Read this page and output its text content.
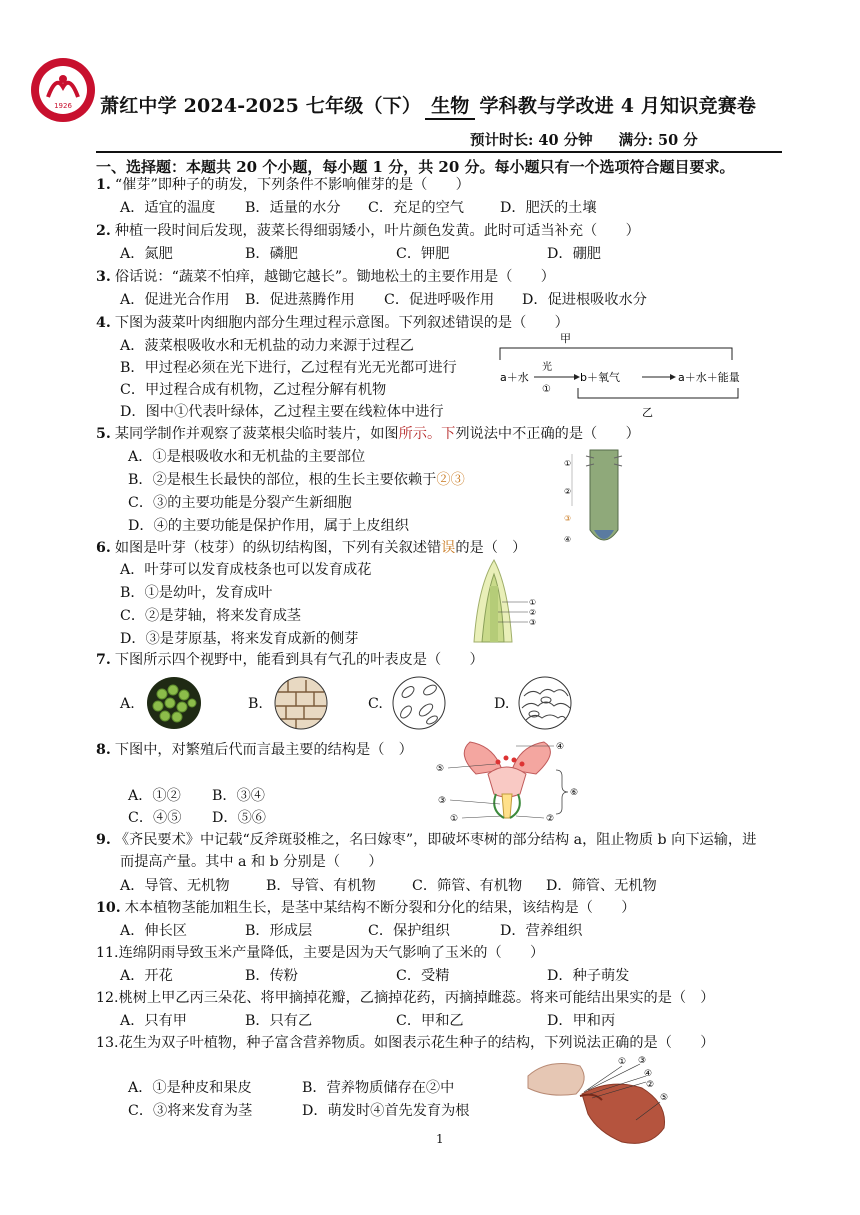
1926 萧红中学 2024-2025 七年级（下） 生物 学科教与学改进 4 月知识竞赛卷
预计时长: 40 分钟 满分: 50 分
一、选择题：本题共 20 个小题，每小题 1 分，共 20 分。每小题只有一个选项符合题目要求。
1. “催芽”即种子的萌发，下列条件不影响催芽的是（　　）
A．适宜的温度 B．适量的水分 C．充足的空气	D．肥沃的土壤
2. 种植一段时间后发现，菠菜长得细弱矮小，叶片颜色发黄。此时可适当补充（　　）
A．氮肥	B．磷肥	C．钾肥	D．硼肥
3. 俗话说：“蔬菜不怕痒，越锄它越长”。锄地松土的主要作用是（　　）
A．促进光合作用 B．促进蒸腾作用 C．促进呼吸作用 D．促进根吸收水分
4. 下图为菠菜叶肉细胞内部分生理过程示意图。下列叙述错误的是（　　）
A．菠菜根吸收水和无机盐的动力来源于过程乙
B．甲过程必须在光下进行，乙过程有光无光都可进行
C．甲过程合成有机物，乙过程分解有机物
D．图中①代表叶绿体，乙过程主要在线粒体中进行
甲
a＋水
光
①
b＋氧气	a＋水＋能量
乙
5. 某同学制作并观察了菠菜根尖临时装片，如图所示。下列说法中不正确的是（　　）
A．①是根吸收水和无机盐的主要部位
B．②是根生长最快的部位，根的生长主要依赖于②③
C．③的主要功能是分裂产生新细胞
D．④的主要功能是保护作用，属于上皮组织
①
②
③
④
6. 如图是叶芽（枝芽）的纵切结构图，下列有关叙述错误的是（　）
A．叶芽可以发育成枝条也可以发育成花
B．①是幼叶，发育成叶
C．②是芽轴，将来发育成茎
D．③是芽原基，将来发育成新的侧芽
①
②
③
7. 下图所示四个视野中，能看到具有气孔的叶表皮是（　　）
A.	B.	C.	D.
8. 下图中，对繁殖后代而言最主要的结构是（　）
A．①② B．③④
C．④⑤ D．⑤⑥
④
⑤
③
①	②
⑥
9. 《齐民要术》中记载“反斧斑驳椎之，名曰嫁枣”，即破坏枣树的部分结构 a，阻止物质 b 向下运输，进
而提高产量。其中 a 和 b 分别是（　　）
A．导管、无机物	B．导管、有机物	C．筛管、有机物 D．筛管、无机物
10. 木本植物茎能加粗生长，是茎中某结构不断分裂和分化的结果，该结构是（　　）
A．伸长区	B．形成层	C．保护组织	D．营养组织
11.连绵阴雨导致玉米产量降低，主要是因为天气影响了玉米的（　　）
A．开花	B．传粉	C．受精	D．种子萌发
12.桃树上甲乙丙三朵花、将甲摘掉花瓣，乙摘掉花药，丙摘掉雌蕊。将来可能结出果实的是（　）
A．只有甲	B．只有乙	C．甲和乙	D．甲和丙
13.花生为双子叶植物，种子富含营养物质。如图表示花生种子的结构，下列说法正确的是（　　）
A．①是种皮和果皮	B．营养物质储存在②中
C．③将来发育为茎	D．萌发时④首先发育为根
① ③
④
②
⑤
1
